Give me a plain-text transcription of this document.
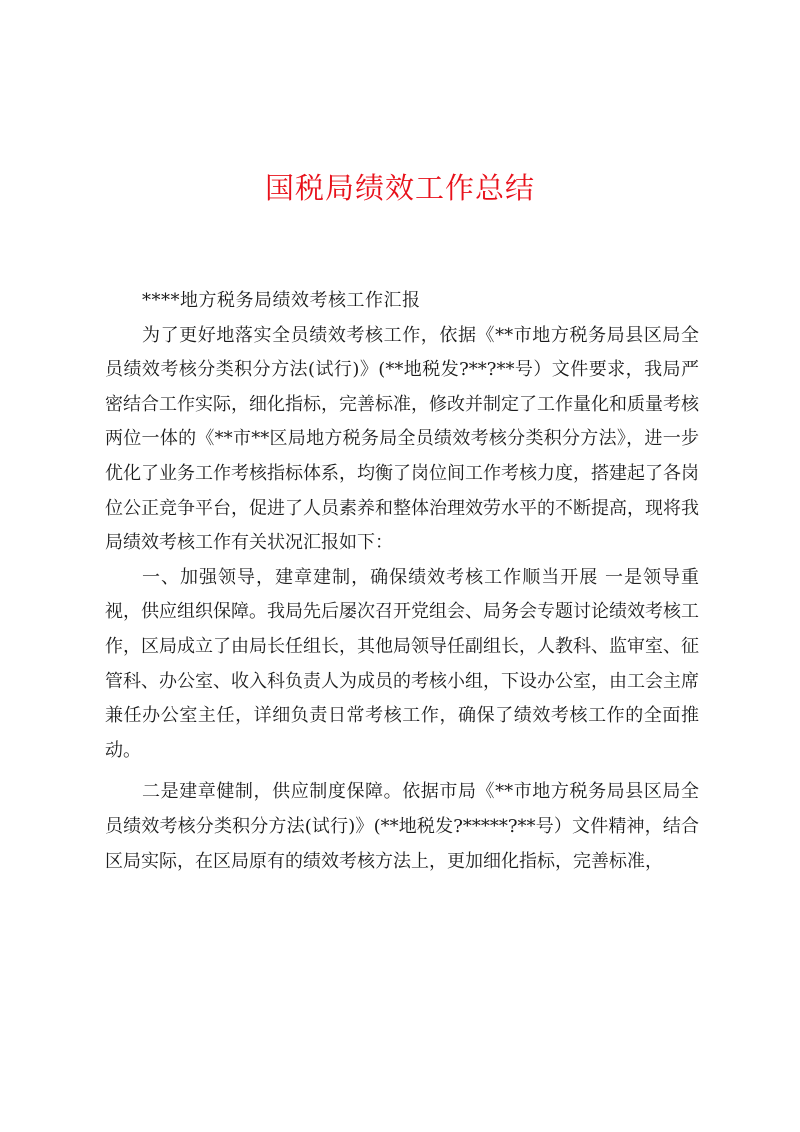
国税局绩效工作总结

****地方税务局绩效考核工作汇报

为了更好地落实全员绩效考核工作，依据《**市地方税务局县区局全员绩效考核分类积分方法(试行)》(**地税发?**?**号）文件要求，我局严密结合工作实际，细化指标，完善标准，修改并制定了工作量化和质量考核两位一体的《**市**区局地方税务局全员绩效考核分类积分方法》，进一步优化了业务工作考核指标体系，均衡了岗位间工作考核力度，搭建起了各岗位公正竞争平台，促进了人员素养和整体治理效劳水平的不断提高，现将我局绩效考核工作有关状况汇报如下：

一、加强领导，建章建制，确保绩效考核工作顺当开展 一是领导重视，供应组织保障。我局先后屡次召开党组会、局务会专题讨论绩效考核工作，区局成立了由局长任组长，其他局领导任副组长，人教科、监审室、征管科、办公室、收入科负责人为成员的考核小组，下设办公室，由工会主席兼任办公室主任，详细负责日常考核工作，确保了绩效考核工作的全面推动。

二是建章健制，供应制度保障。依据市局《**市地方税务局县区局全员绩效考核分类积分方法(试行)》(**地税发?*****?**号）文件精神，结合区局实际，在区局原有的绩效考核方法上，更加细化指标，完善标准，
